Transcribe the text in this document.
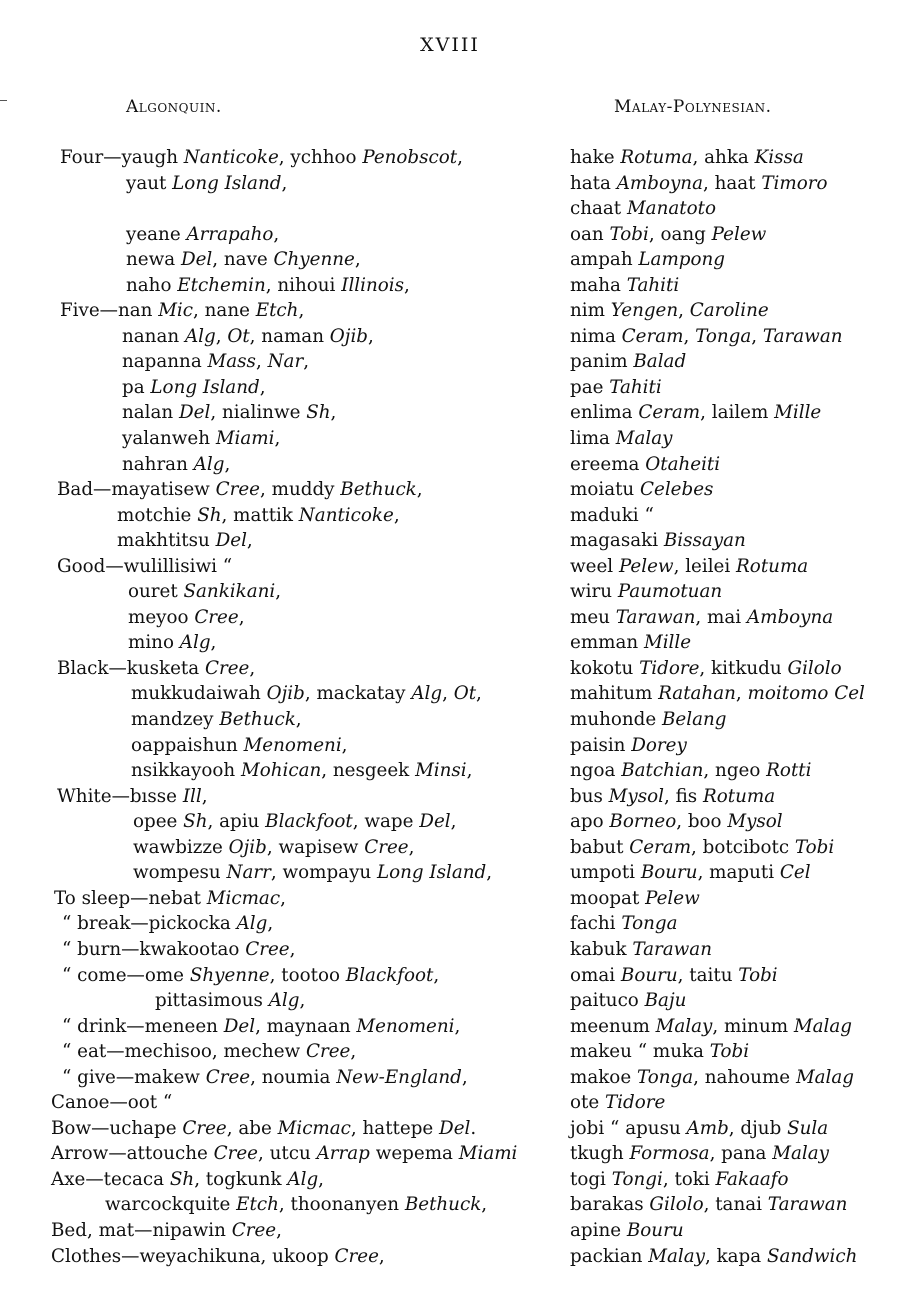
XVIII
Algonquin.	Malay-Polynesian.
Four—yaugh Nanticoke, ychhoo Penobscot,
yaut Long Island,
yeane Arrapaho,
newa Del, nave Chyenne,
naho Etchemin, nihoui Illinois,
Five—nan Mic, nane Etch,
nanan Alg, Ot, naman Ojib,
napanna Mass, Nar,
pa Long Island,
nalan Del, nialinwe Sh,
yalanweh Miami,
nahran Alg,
Bad—mayatisew Cree, muddy Bethuck,
motchie Sh, mattik Nanticoke,
makhtitsu Del,
Good—wulillisiwi “
ouret Sankikani,
meyoo Cree,
mino Alg,
Black—kusketa Cree,
mukkudaiwah Ojib, mackatay Alg, Ot,
mandzey Bethuck,
oappaishun Menomeni,
nsikkayooh Mohican, nesgeek Minsi,
White—bısse Ill,
opee Sh, apiu Blackfoot, wape Del,
wawbizze Ojib, wapisew Cree,
wompesu Narr, wompayu Long Island,
To sleep—nebat Micmac,
“ break—pickocka Alg,
“ burn—kwakootao Cree,
“ come—ome Shyenne, tootoo Blackfoot,
pittasimous Alg,
“ drink—meneen Del, maynaan Menomeni,
“ eat—mechisoo, mechew Cree,
“ give—makew Cree, noumia New-England,
Canoe—oot “
Bow—uchape Cree, abe Micmac, hattepe Del.
Arrow—attouche Cree, utcu Arrap wepema Miami
Axe—tecaca Sh, togkunk Alg,
warcockquite Etch, thoonanyen Bethuck,
Bed, mat—nipawin Cree,
Clothes—weyachikuna, ukoop Cree,
hake Rotuma, ahka Kissa
hata Amboyna, haat Timoro
chaat Manatoto
oan Tobi, oang Pelew
ampah Lampong
maha Tahiti
nim Yengen, Caroline
nima Ceram, Tonga, Tarawan
panim Balad
pae Tahiti
enlima Ceram, lailem Mille
lima Malay
ereema Otaheiti
moiatu Celebes
maduki “
magasaki Bissayan
weel Pelew, leilei Rotuma
wiru Paumotuan
meu Tarawan, mai Amboyna
emman Mille
kokotu Tidore, kitkudu Gilolo
mahitum Ratahan, moitomo Cel
muhonde Belang
paisin Dorey
ngoa Batchian, ngeo Rotti
bus Mysol, fis Rotuma
apo Borneo, boo Mysol
babut Ceram, botcibotc Tobi
umpoti Bouru, maputi Cel
moopat Pelew
fachi Tonga
kabuk Tarawan
omai Bouru, taitu Tobi
paituco Baju
meenum Malay, minum Malag
makeu “ muka Tobi
makoe Tonga, nahoume Malag
ote Tidore
jobi “ apusu Amb, djub Sula
tkugh Formosa, pana Malay
togi Tongi, toki Fakaafo
barakas Gilolo, tanai Tarawan
apine Bouru
packian Malay, kapa Sandwich
